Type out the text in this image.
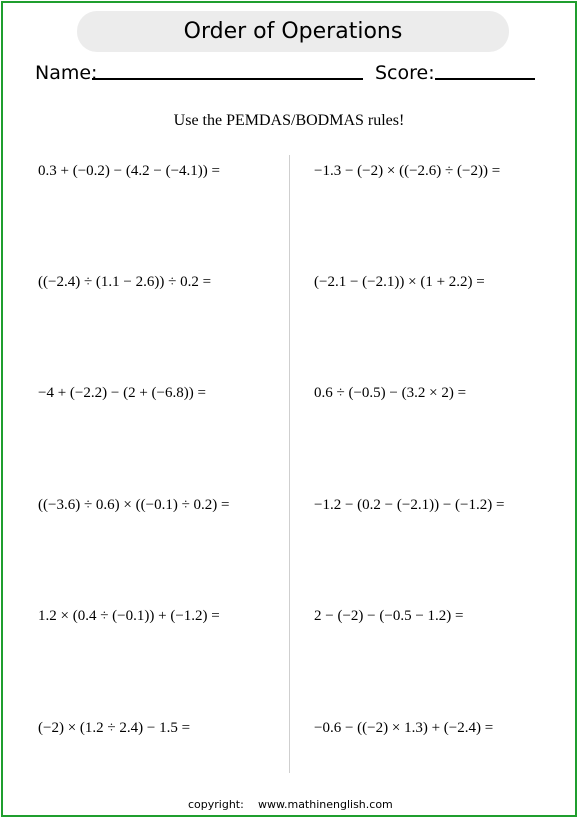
Order of Operations
Name:	Score:
Use the PEMDAS/BODMAS rules!
0.3 + (−0.2) − (4.2 − (−4.1)) =
((−2.4) ÷ (1.1 − 2.6)) ÷ 0.2 =
−4 + (−2.2) − (2 + (−6.8)) =
((−3.6) ÷ 0.6) × ((−0.1) ÷ 0.2) =
1.2 × (0.4 ÷ (−0.1)) + (−1.2) =
(−2) × (1.2 ÷ 2.4) − 1.5 =
−1.3 − (−2) × ((−2.6) ÷ (−2)) =
(−2.1 − (−2.1)) × (1 + 2.2) =
0.6 ÷ (−0.5) − (3.2 × 2) =
−1.2 − (0.2 − (−2.1)) − (−1.2) =
2 − (−2) − (−0.5 − 1.2) =
−0.6 − ((−2) × 1.3) + (−2.4) =
copyright: www.mathinenglish.com
